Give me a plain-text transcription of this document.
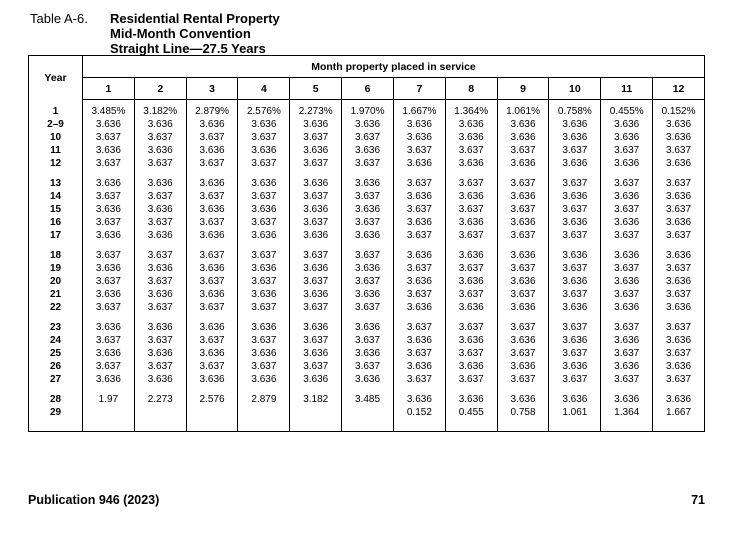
Table A-6.	Residential Rental Property
Mid-Month Convention
Straight Line—27.5 Years
Year	Month property placed in service											
	1	2	3	4	5	6	7	8	9	10	11	12

1	3.485%	3.182%	2.879%	2.576%	2.273%	1.970%	1.667%	1.364%	1.061%	0.758%	0.455%	0.152%
2–9	3.636	3.636	3.636	3.636	3.636	3.636	3.636	3.636	3.636	3.636	3.636	3.636
10	3.637	3.637	3.637	3.637	3.637	3.637	3.636	3.636	3.636	3.636	3.636	3.636
11	3.636	3.636	3.636	3.636	3.636	3.636	3.637	3.637	3.637	3.637	3.637	3.637
12	3.637	3.637	3.637	3.637	3.637	3.637	3.636	3.636	3.636	3.636	3.636	3.636

13	3.636	3.636	3.636	3.636	3.636	3.636	3.637	3.637	3.637	3.637	3.637	3.637
14	3.637	3.637	3.637	3.637	3.637	3.637	3.636	3.636	3.636	3.636	3.636	3.636
15	3.636	3.636	3.636	3.636	3.636	3.636	3.637	3.637	3.637	3.637	3.637	3.637
16	3.637	3.637	3.637	3.637	3.637	3.637	3.636	3.636	3.636	3.636	3.636	3.636
17	3.636	3.636	3.636	3.636	3.636	3.636	3.637	3.637	3.637	3.637	3.637	3.637

18	3.637	3.637	3.637	3.637	3.637	3.637	3.636	3.636	3.636	3.636	3.636	3.636
19	3.636	3.636	3.636	3.636	3.636	3.636	3.637	3.637	3.637	3.637	3.637	3.637
20	3.637	3.637	3.637	3.637	3.637	3.637	3.636	3.636	3.636	3.636	3.636	3.636
21	3.636	3.636	3.636	3.636	3.636	3.636	3.637	3.637	3.637	3.637	3.637	3.637
22	3.637	3.637	3.637	3.637	3.637	3.637	3.636	3.636	3.636	3.636	3.636	3.636

23	3.636	3.636	3.636	3.636	3.636	3.636	3.637	3.637	3.637	3.637	3.637	3.637
24	3.637	3.637	3.637	3.637	3.637	3.637	3.636	3.636	3.636	3.636	3.636	3.636
25	3.636	3.636	3.636	3.636	3.636	3.636	3.637	3.637	3.637	3.637	3.637	3.637
26	3.637	3.637	3.637	3.637	3.637	3.637	3.636	3.636	3.636	3.636	3.636	3.636
27	3.636	3.636	3.636	3.636	3.636	3.636	3.637	3.637	3.637	3.637	3.637	3.637

28	1.97	2.273	2.576	2.879	3.182	3.485	3.636	3.636	3.636	3.636	3.636	3.636
29							0.152	0.455	0.758	1.061	1.364	1.667

Publication 946 (2023)	71
